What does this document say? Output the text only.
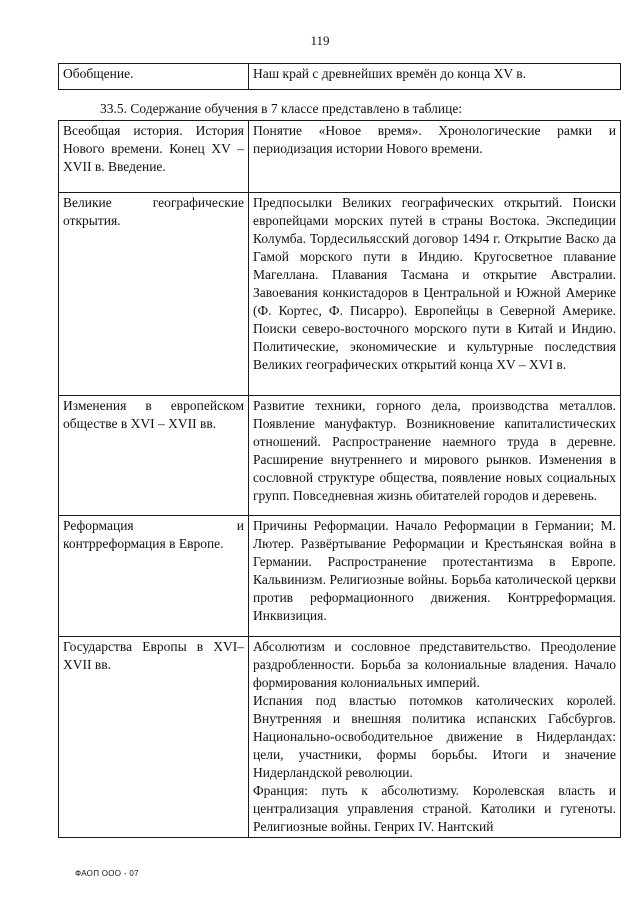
119
Обобщение.	Наш край с древнейших времён до конца XV в.
33.5. Содержание обучения в 7 классе представлено в таблице:
Всеобщая история. История Нового времени. Конец XV – XVII в. Введение.	Понятие «Новое время». Хронологические рамки и периодизация истории Нового времени.

Великие географические открытия.	Предпосылки Великих географических открытий. Поиски европейцами морских путей в страны Востока. Экспедиции Колумба. Тордесильясский договор 1494 г. Открытие Васко да Гамой морского пути в Индию. Кругосветное плавание Магеллана. Плавания Тасмана и открытие Австралии. Завоевания конкистадоров в Центральной и Южной Америке (Ф. Кортес, Ф. Писарро). Европейцы в Северной Америке. Поиски северо-восточного морского пути в Китай и Индию. Политические, экономические и культурные последствия Великих географических открытий конца XV – XVI в.

Изменения в европейском обществе в XVI – XVII вв.	Развитие техники, горного дела, производства металлов. Появление мануфактур. Возникновение капиталистических отношений. Распространение наемного труда в деревне. Расширение внутреннего и мирового рынков. Изменения в сословной структуре общества, появление новых социальных групп. Повседневная жизнь обитателей городов и деревень.

Реформация и контрреформация в Европе.	Причины Реформации. Начало Реформации в Германии; М. Лютер. Развёртывание Реформации и Крестьянская война в Германии. Распространение протестантизма в Европе. Кальвинизм. Религиозные войны. Борьба католической церкви против реформационного движения. Контрреформация. Инквизиция.

Государства Европы в XVI– XVII вв.	Абсолютизм и сословное представительство. Преодоление раздробленности. Борьба за колониальные владения. Начало формирования колониальных империй.

Испания под властью потомков католических королей. Внутренняя и внешняя политика испанских Габсбургов. Национально-освободительное движение в Нидерландах: цели, участники, формы борьбы. Итоги и значение Нидерландской революции.

Франция: путь к абсолютизму. Королевская власть и централизация управления страной. Католики и гугеноты. Религиозные войны. Генрих IV. Нантский

ФАОП ООО - 07
